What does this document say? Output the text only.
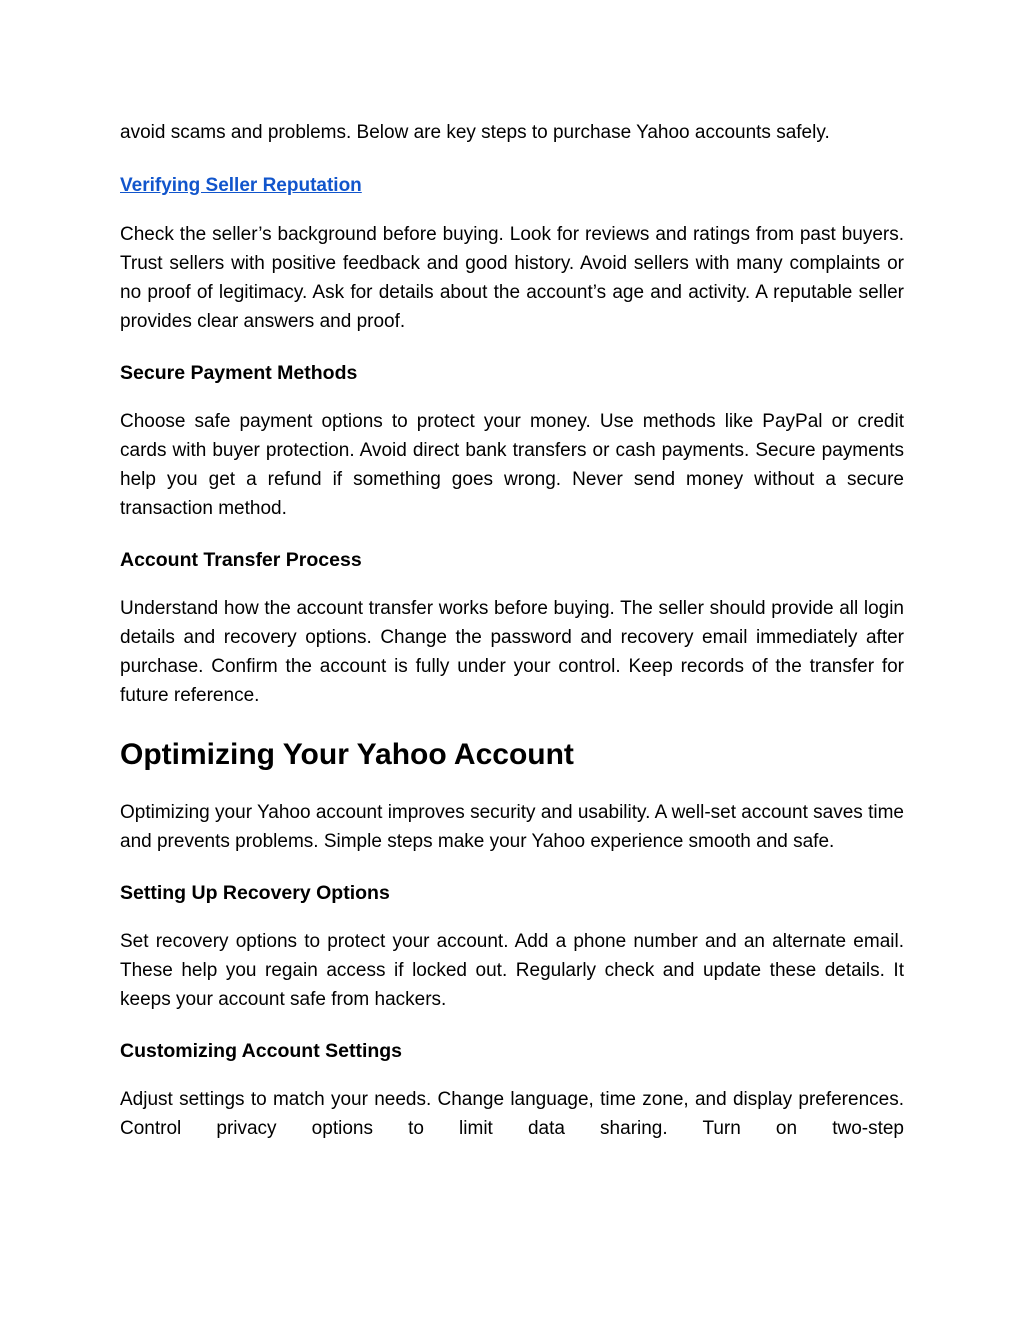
avoid scams and problems. Below are key steps to purchase Yahoo accounts safely.

Verifying Seller Reputation

Check the seller’s background before buying. Look for reviews and ratings from past buyers. Trust sellers with positive feedback and good history. Avoid sellers with many complaints or no proof of legitimacy. Ask for details about the account’s age and activity. A reputable seller provides clear answers and proof.

Secure Payment Methods

Choose safe payment options to protect your money. Use methods like PayPal or credit cards with buyer protection. Avoid direct bank transfers or cash payments. Secure payments help you get a refund if something goes wrong. Never send money without a secure transaction method.

Account Transfer Process

Understand how the account transfer works before buying. The seller should provide all login details and recovery options. Change the password and recovery email immediately after purchase. Confirm the account is fully under your control. Keep records of the transfer for future reference.

Optimizing Your Yahoo Account

Optimizing your Yahoo account improves security and usability. A well-set account saves time and prevents problems. Simple steps make your Yahoo experience smooth and safe.

Setting Up Recovery Options

Set recovery options to protect your account. Add a phone number and an alternate email. These help you regain access if locked out. Regularly check and update these details. It keeps your account safe from hackers.

Customizing Account Settings

Adjust settings to match your needs. Change language, time zone, and display preferences. Control privacy options to limit data sharing. Turn on two-step
